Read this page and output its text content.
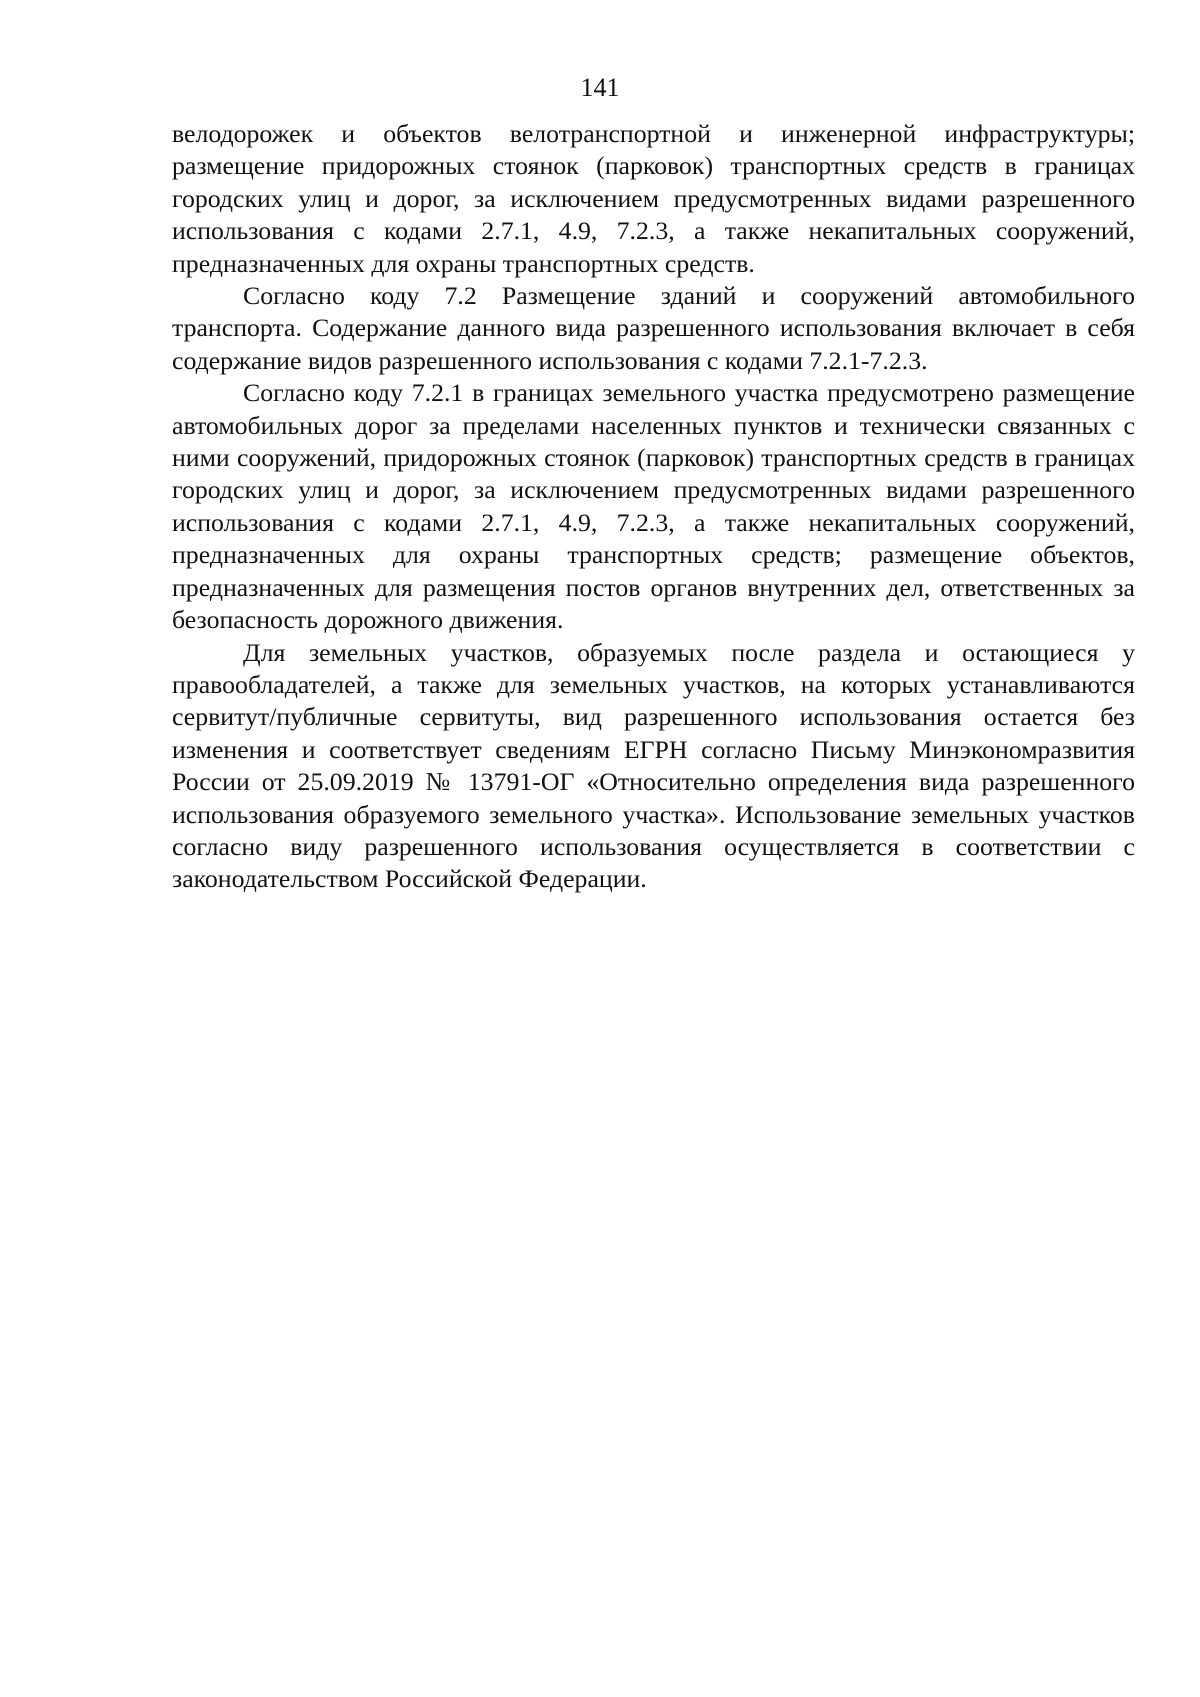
141

велодорожек и объектов велотранспортной и инженерной инфраструктуры; размещение придорожных стоянок (парковок) транспортных средств в границах городских улиц и дорог, за исключением предусмотренных видами разрешенного использования с кодами 2.7.1, 4.9, 7.2.3, а также некапитальных сооружений, предназначенных для охраны транспортных средств.

Согласно коду 7.2 Размещение зданий и сооружений автомобильного транспорта. Содержание данного вида разрешенного использования включает в себя содержание видов разрешенного использования с кодами 7.2.1-7.2.3.

Согласно коду 7.2.1 в границах земельного участка предусмотрено размещение автомобильных дорог за пределами населенных пунктов и технически связанных с ними сооружений, придорожных стоянок (парковок) транспортных средств в границах городских улиц и дорог, за исключением предусмотренных видами разрешенного использования с кодами 2.7.1, 4.9, 7.2.3, а также некапитальных сооружений, предназначенных для охраны транспортных средств; размещение объектов, предназначенных для размещения постов органов внутренних дел, ответственных за безопасность дорожного движения.

Для земельных участков, образуемых после раздела и остающиеся у правообладателей, а также для земельных участков, на которых устанавливаются сервитут/публичные сервитуты, вид разрешенного использования остается без изменения и соответствует сведениям ЕГРН согласно Письму Минэкономразвития России от 25.09.2019 № 13791-ОГ «Относительно определения вида разрешенного использования образуемого земельного участка». Использование земельных участков согласно виду разрешенного использования осуществляется в соответствии с законодательством Российской Федерации.
